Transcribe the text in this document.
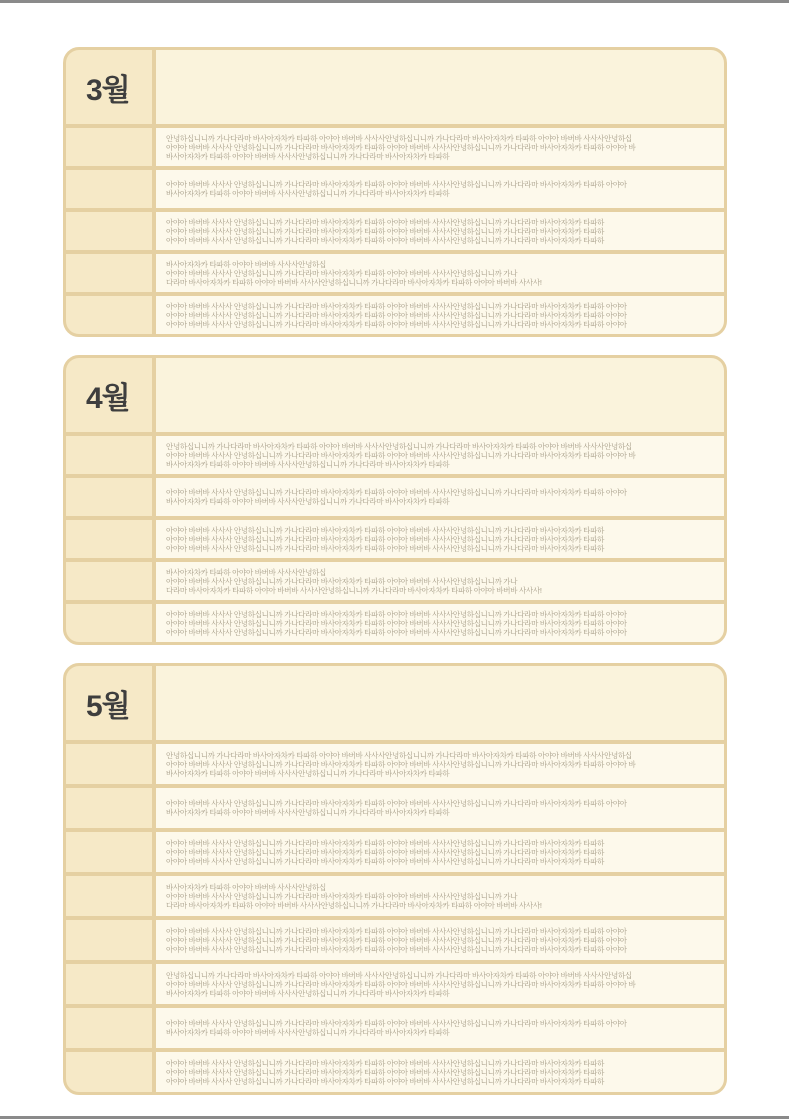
3월
안녕하십니니까 가나다라마 바사아자차카 타파하 아야아 바버바 사사사안녕하십니니까 가나다라마 바사아자차카 타파하 아야아 바버바 사사사안녕하십
아야아 바버바 사사사 안녕하십니니까 가나다라마 바사아자차카 타파하 아야아 바버바 사사사안녕하십니니까 가나다라마 바사아자차카 타파하 아야아 바
바사아자차카 타파하 아야아 바버바 사사사안녕하십니니까 가나다라마 바사아자차카 타파하
아야아 바버바 사사사 안녕하십니니까 가나다라마 바사아자차카 타파하 아야아 바버바 사사사안녕하십니니까 가나다라마 바사아자차카 타파하 아야아
바사아자차카 타파하 아야아 바버바 사사사안녕하십니니까 가나다라마 바사아자차카 타파하
아야아 바버바 사사사 안녕하십니니까 가나다라마 바사아자차카 타파하 아야아 바버바 사사사안녕하십니니까 가나다라마 바사아자차카 타파하
아야아 바버바 사사사 안녕하십니니까 가나다라마 바사아자차카 타파하 아야아 바버바 사사사안녕하십니니까 가나다라마 바사아자차카 타파하
아야아 바버바 사사사 안녕하십니니까 가나다라마 바사아자차카 타파하 아야아 바버바 사사사안녕하십니니까 가나다라마 바사아자차카 타파하
바사아자차카 타파하 아야아 바버바 사사사안녕하십
아야아 바버바 사사사 안녕하십니니까 가나다라마 바사아자차카 타파하 아야아 바버바 사사사안녕하십니니까 가나
다라마 바사아자차카 타파하 아야아 바버바 사사사안녕하십니니까 가나다라마 바사아자차카 타파하 아야아 바버바 사사사!
아야아 바버바 사사사 안녕하십니니까 가나다라마 바사아자차카 타파하 아야아 바버바 사사사안녕하십니니까 가나다라마 바사아자차카 타파하 아야아
아야아 바버바 사사사 안녕하십니니까 가나다라마 바사아자차카 타파하 아야아 바버바 사사사안녕하십니니까 가나다라마 바사아자차카 타파하 아야아
아야아 바버바 사사사 안녕하십니니까 가나다라마 바사아자차카 타파하 아야아 바버바 사사사안녕하십니니까 가나다라마 바사아자차카 타파하 아야아
4월
안녕하십니니까 가나다라마 바사아자차카 타파하 아야아 바버바 사사사안녕하십니니까 가나다라마 바사아자차카 타파하 아야아 바버바 사사사안녕하십
아야아 바버바 사사사 안녕하십니니까 가나다라마 바사아자차카 타파하 아야아 바버바 사사사안녕하십니니까 가나다라마 바사아자차카 타파하 아야아 바
바사아자차카 타파하 아야아 바버바 사사사안녕하십니니까 가나다라마 바사아자차카 타파하
아야아 바버바 사사사 안녕하십니니까 가나다라마 바사아자차카 타파하 아야아 바버바 사사사안녕하십니니까 가나다라마 바사아자차카 타파하 아야아
바사아자차카 타파하 아야아 바버바 사사사안녕하십니니까 가나다라마 바사아자차카 타파하
아야아 바버바 사사사 안녕하십니니까 가나다라마 바사아자차카 타파하 아야아 바버바 사사사안녕하십니니까 가나다라마 바사아자차카 타파하
아야아 바버바 사사사 안녕하십니니까 가나다라마 바사아자차카 타파하 아야아 바버바 사사사안녕하십니니까 가나다라마 바사아자차카 타파하
아야아 바버바 사사사 안녕하십니니까 가나다라마 바사아자차카 타파하 아야아 바버바 사사사안녕하십니니까 가나다라마 바사아자차카 타파하
바사아자차카 타파하 아야아 바버바 사사사안녕하십
아야아 바버바 사사사 안녕하십니니까 가나다라마 바사아자차카 타파하 아야아 바버바 사사사안녕하십니니까 가나
다라마 바사아자차카 타파하 아야아 바버바 사사사안녕하십니니까 가나다라마 바사아자차카 타파하 아야아 바버바 사사사!
아야아 바버바 사사사 안녕하십니니까 가나다라마 바사아자차카 타파하 아야아 바버바 사사사안녕하십니니까 가나다라마 바사아자차카 타파하 아야아
아야아 바버바 사사사 안녕하십니니까 가나다라마 바사아자차카 타파하 아야아 바버바 사사사안녕하십니니까 가나다라마 바사아자차카 타파하 아야아
아야아 바버바 사사사 안녕하십니니까 가나다라마 바사아자차카 타파하 아야아 바버바 사사사안녕하십니니까 가나다라마 바사아자차카 타파하 아야아
5월
안녕하십니니까 가나다라마 바사아자차카 타파하 아야아 바버바 사사사안녕하십니니까 가나다라마 바사아자차카 타파하 아야아 바버바 사사사안녕하십
아야아 바버바 사사사 안녕하십니니까 가나다라마 바사아자차카 타파하 아야아 바버바 사사사안녕하십니니까 가나다라마 바사아자차카 타파하 아야아 바
바사아자차카 타파하 아야아 바버바 사사사안녕하십니니까 가나다라마 바사아자차카 타파하
아야아 바버바 사사사 안녕하십니니까 가나다라마 바사아자차카 타파하 아야아 바버바 사사사안녕하십니니까 가나다라마 바사아자차카 타파하 아야아
바사아자차카 타파하 아야아 바버바 사사사안녕하십니니까 가나다라마 바사아자차카 타파하
아야아 바버바 사사사 안녕하십니니까 가나다라마 바사아자차카 타파하 아야아 바버바 사사사안녕하십니니까 가나다라마 바사아자차카 타파하
아야아 바버바 사사사 안녕하십니니까 가나다라마 바사아자차카 타파하 아야아 바버바 사사사안녕하십니니까 가나다라마 바사아자차카 타파하
아야아 바버바 사사사 안녕하십니니까 가나다라마 바사아자차카 타파하 아야아 바버바 사사사안녕하십니니까 가나다라마 바사아자차카 타파하
바사아자차카 타파하 아야아 바버바 사사사안녕하십
아야아 바버바 사사사 안녕하십니니까 가나다라마 바사아자차카 타파하 아야아 바버바 사사사안녕하십니니까 가나
다라마 바사아자차카 타파하 아야아 바버바 사사사안녕하십니니까 가나다라마 바사아자차카 타파하 아야아 바버바 사사사!
아야아 바버바 사사사 안녕하십니니까 가나다라마 바사아자차카 타파하 아야아 바버바 사사사안녕하십니니까 가나다라마 바사아자차카 타파하 아야아
아야아 바버바 사사사 안녕하십니니까 가나다라마 바사아자차카 타파하 아야아 바버바 사사사안녕하십니니까 가나다라마 바사아자차카 타파하 아야아
아야아 바버바 사사사 안녕하십니니까 가나다라마 바사아자차카 타파하 아야아 바버바 사사사안녕하십니니까 가나다라마 바사아자차카 타파하 아야아
안녕하십니니까 가나다라마 바사아자차카 타파하 아야아 바버바 사사사안녕하십니니까 가나다라마 바사아자차카 타파하 아야아 바버바 사사사안녕하십
아야아 바버바 사사사 안녕하십니니까 가나다라마 바사아자차카 타파하 아야아 바버바 사사사안녕하십니니까 가나다라마 바사아자차카 타파하 아야아 바
바사아자차카 타파하 아야아 바버바 사사사안녕하십니니까 가나다라마 바사아자차카 타파하
아야아 바버바 사사사 안녕하십니니까 가나다라마 바사아자차카 타파하 아야아 바버바 사사사안녕하십니니까 가나다라마 바사아자차카 타파하 아야아
바사아자차카 타파하 아야아 바버바 사사사안녕하십니니까 가나다라마 바사아자차카 타파하
아야아 바버바 사사사 안녕하십니니까 가나다라마 바사아자차카 타파하 아야아 바버바 사사사안녕하십니니까 가나다라마 바사아자차카 타파하
아야아 바버바 사사사 안녕하십니니까 가나다라마 바사아자차카 타파하 아야아 바버바 사사사안녕하십니니까 가나다라마 바사아자차카 타파하
아야아 바버바 사사사 안녕하십니니까 가나다라마 바사아자차카 타파하 아야아 바버바 사사사안녕하십니니까 가나다라마 바사아자차카 타파하
